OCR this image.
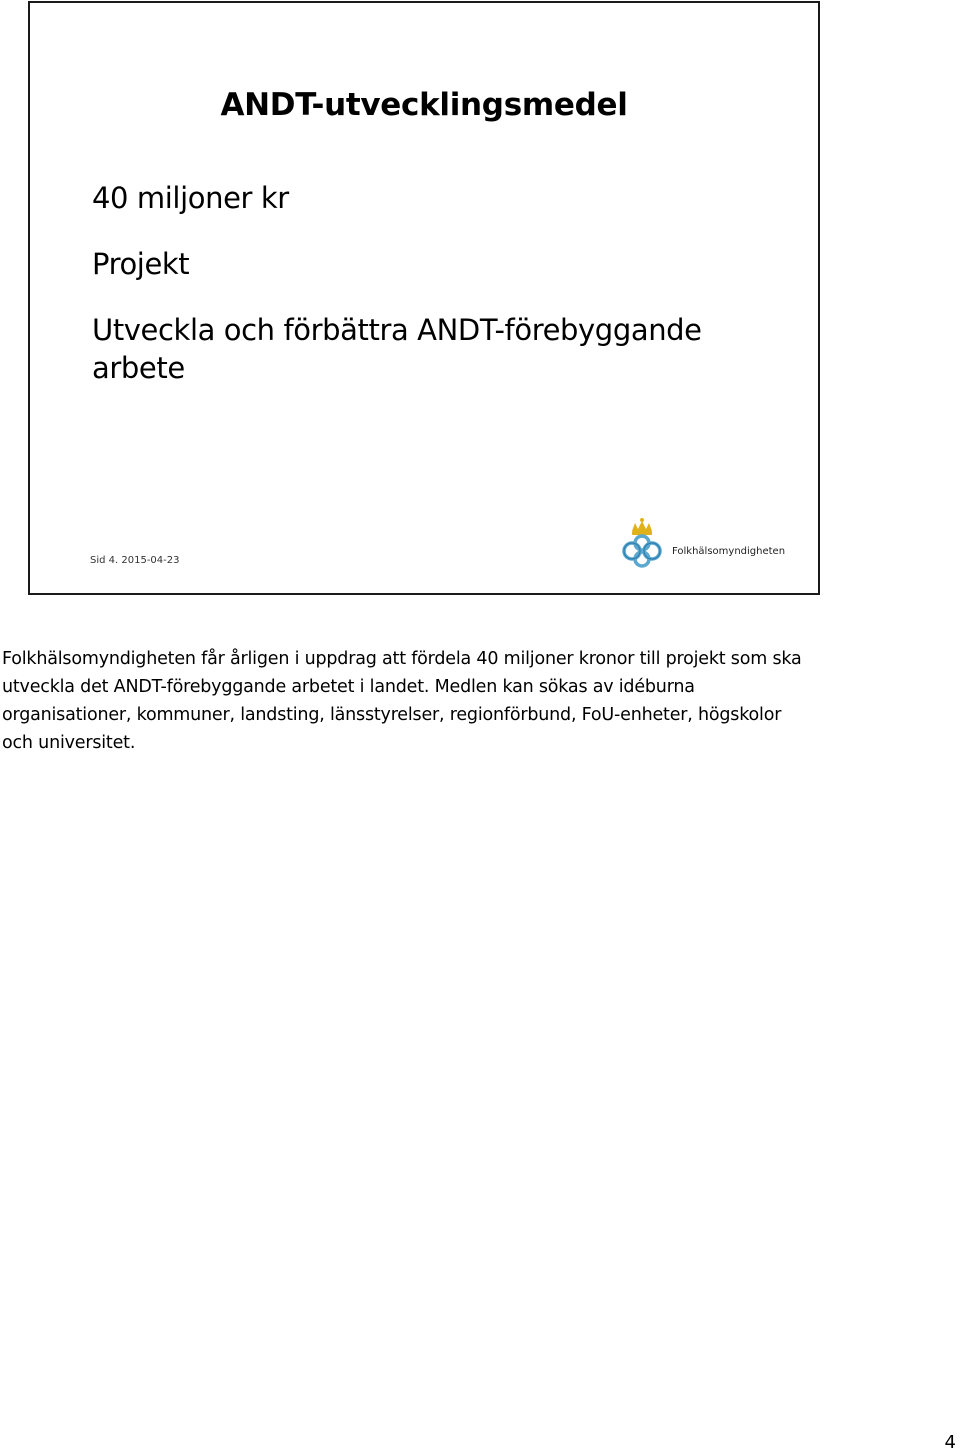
ANDT-utvecklingsmedel
40 miljoner kr
Projekt
Utveckla och förbättra ANDT-förebyggande arbete
Sid 4. 2015-04-23
Folkhälsomyndigheten
Folkhälsomyndigheten får årligen i uppdrag att fördela 40 miljoner kronor till projekt som ska utveckla det ANDT-förebyggande arbetet i landet. Medlen kan sökas av idéburna organisationer, kommuner, landsting, länsstyrelser, regionförbund, FoU-enheter, högskolor och universitet.
4
